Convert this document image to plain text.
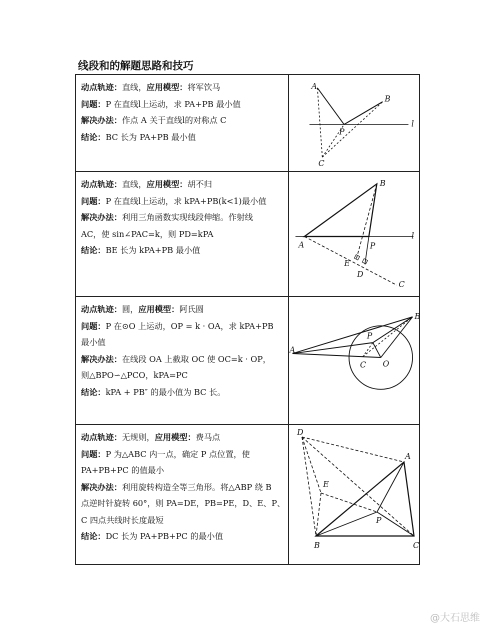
线段和的解题思路和技巧
动点轨迹：直线，应用模型：将军饮马
问题：P 在直线l上运动，求 PA+PB 最小值
解决办法：作点 A 关于直线l的对称点 C
结论：BC 长为 PA+PB 最小值
A
B
P
C
l
动点轨迹：直线，应用模型：胡不归
问题：P 在直线l上运动，求 kPA+PB(k<1)最小值
解决办法：利用三角函数实现线段伸缩。作射线
AC，使 sin∠PAC=k，则 PD=kPA
结论：BE 长为 kPA+PB 最小值
A
B
P
E
D
C
l
动点轨迹：圆，应用模型：阿氏圆
问题：P 在⊙O 上运动，OP = k · OA，求 kPA+PB
最小值
解决办法：在线段 OA 上截取 OC 使 OC=k · OP，
则△BPO∽△PCO，kPA=PC
结论：kPA + PB″ 的最小值为 BC 长。
P
B
A
C O
动点轨迹：无规则，应用模型：费马点
问题：P 为△ABC 内一点，确定 P 点位置，使
PA+PB+PC 的值最小
解决办法：利用旋转构造全等三角形。将△ABP 绕 B
点逆时针旋转 60°，则 PA=DE，PB=PE，D、E、P、
C 四点共线时长度最短
结论：DC 长为 PA+PB+PC 的最小值
D
A
E
P
B	C
@大石思维
